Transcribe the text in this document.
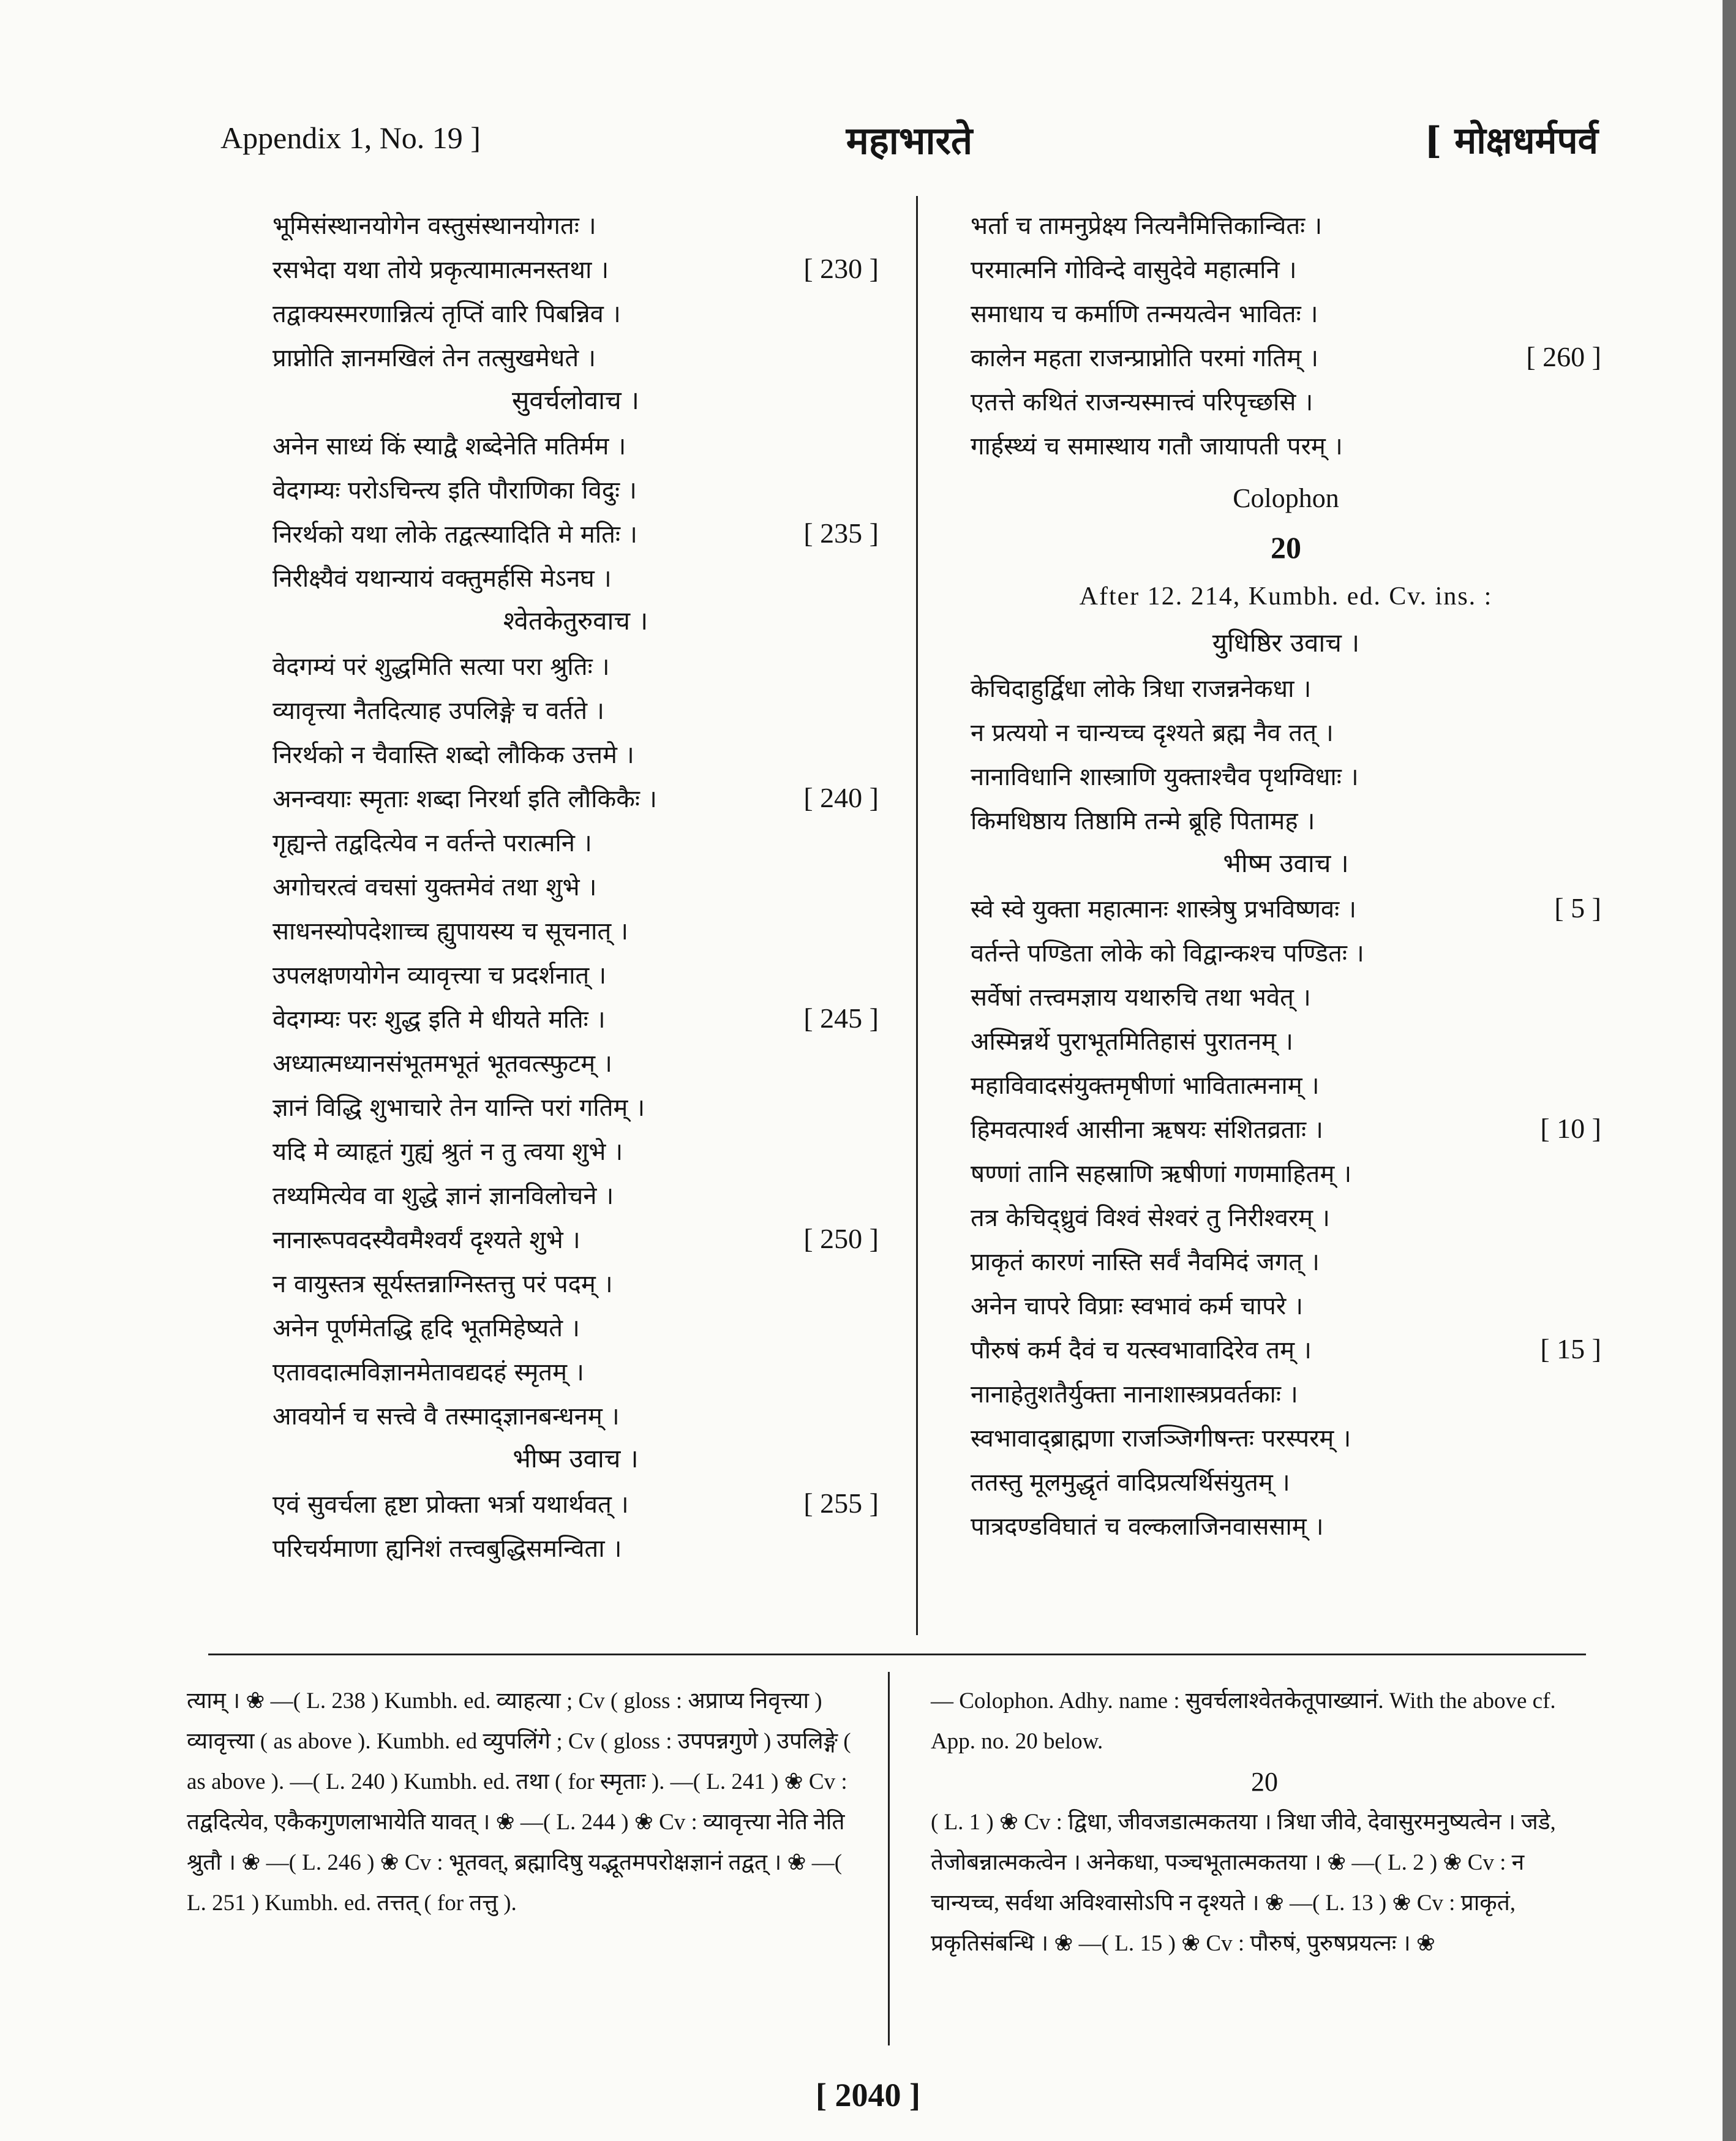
Appendix 1, No. 19 ]	महाभारते	[ मोक्षधर्मपर्व
भूमिसंस्थानयोगेन वस्तुसंस्थानयोगतः ।
रसभेदा यथा तोये प्रकृत्यामात्मनस्तथा ।	[ 230 ]
तद्वाक्यस्मरणान्नित्यं तृप्तिं वारि पिबन्निव ।
प्राप्नोति ज्ञानमखिलं तेन तत्सुखमेधते ।
सुवर्चलोवाच ।
अनेन साध्यं किं स्याद्वै शब्देनेति मतिर्मम ।
वेदगम्यः परोऽचिन्त्य इति पौराणिका विदुः ।
निरर्थको यथा लोके तद्वत्स्यादिति मे मतिः ।	[ 235 ]
निरीक्ष्यैवं यथान्यायं वक्तुमर्हसि मेऽनघ ।
श्वेतकेतुरुवाच ।
वेदगम्यं परं शुद्धमिति सत्या परा श्रुतिः ।
व्यावृत्त्या नैतदित्याह उपलिङ्गे च वर्तते ।
निरर्थको न चैवास्ति शब्दो लौकिक उत्तमे ।
अनन्वयाः स्मृताः शब्दा निरर्था इति लौकिकैः ।	[ 240 ]
गृह्यन्ते तद्वदित्येव न वर्तन्ते परात्मनि ।
अगोचरत्वं वचसां युक्तमेवं तथा शुभे ।
साधनस्योपदेशाच्च ह्युपायस्य च सूचनात् ।
उपलक्षणयोगेन व्यावृत्त्या च प्रदर्शनात् ।
वेदगम्यः परः शुद्ध इति मे धीयते मतिः ।	[ 245 ]
अध्यात्मध्यानसंभूतमभूतं भूतवत्स्फुटम् ।
ज्ञानं विद्धि शुभाचारे तेन यान्ति परां गतिम् ।
यदि मे व्याहृतं गुह्यं श्रुतं न तु त्वया शुभे ।
तथ्यमित्येव वा शुद्धे ज्ञानं ज्ञानविलोचने ।
नानारूपवदस्यैवमैश्वर्यं दृश्यते शुभे ।	[ 250 ]
न वायुस्तत्र सूर्यस्तन्नाग्निस्तत्तु परं पदम् ।
अनेन पूर्णमेतद्धि हृदि भूतमिहेष्यते ।
एतावदात्मविज्ञानमेतावद्यदहं स्मृतम् ।
आवयोर्न च सत्त्वे वै तस्माद्ज्ञानबन्धनम् ।
भीष्म उवाच ।
एवं सुवर्चला हृष्टा प्रोक्ता भर्त्रा यथार्थवत् ।	[ 255 ]
परिचर्यमाणा ह्यनिशं तत्त्वबुद्धिसमन्विता ।
भर्ता च तामनुप्रेक्ष्य नित्यनैमित्तिकान्वितः ।
परमात्मनि गोविन्दे वासुदेवे महात्मनि ।
समाधाय च कर्माणि तन्मयत्वेन भावितः ।
कालेन महता राजन्प्राप्नोति परमां गतिम् ।	[ 260 ]
एतत्ते कथितं राजन्यस्मात्त्वं परिपृच्छसि ।
गार्हस्थ्यं च समास्थाय गतौ जायापती परम् ।
Colophon
20
After 12. 214, Kumbh. ed. Cv. ins. :
युधिष्ठिर उवाच ।
केचिदाहुर्द्विधा लोके त्रिधा राजन्ननेकधा ।
न प्रत्ययो न चान्यच्च दृश्यते ब्रह्म नैव तत् ।
नानाविधानि शास्त्राणि युक्ताश्चैव पृथग्विधाः ।
किमधिष्ठाय तिष्ठामि तन्मे ब्रूहि पितामह ।
भीष्म उवाच ।
स्वे स्वे युक्ता महात्मानः शास्त्रेषु प्रभविष्णवः ।	[ 5 ]
वर्तन्ते पण्डिता लोके को विद्वान्कश्च पण्डितः ।
सर्वेषां तत्त्वमज्ञाय यथारुचि तथा भवेत् ।
अस्मिन्नर्थे पुराभूतमितिहासं पुरातनम् ।
महाविवादसंयुक्तमृषीणां भावितात्मनाम् ।
हिमवत्पार्श्व आसीना ऋषयः संशितव्रताः ।	[ 10 ]
षण्णां तानि सहस्राणि ऋषीणां गणमाहितम् ।
तत्र केचिद्ध्रुवं विश्वं सेश्वरं तु निरीश्वरम् ।
प्राकृतं कारणं नास्ति सर्वं नैवमिदं जगत् ।
अनेन चापरे विप्राः स्वभावं कर्म चापरे ।
पौरुषं कर्म दैवं च यत्स्वभावादिरेव तम् ।	[ 15 ]
नानाहेतुशतैर्युक्ता नानाशास्त्रप्रवर्तकाः ।
स्वभावाद्ब्राह्मणा राजञ्जिगीषन्तः परस्परम् ।
ततस्तु मूलमुद्धृतं वादिप्रत्यर्थिसंयुतम् ।
पात्रदण्डविघातं च वल्कलाजिनवाससाम् ।

त्याम् । ❀ —( L. 238 ) Kumbh. ed. व्याहत्या ; Cv ( gloss : अप्राप्य निवृत्त्या ) व्यावृत्त्या ( as above ). Kumbh. ed व्युपलिंगे ; Cv ( gloss : उपपन्नगुणे ) उपलिङ्गे ( as above ). —( L. 240 ) Kumbh. ed. तथा ( for स्मृताः ). —( L. 241 ) ❀ Cv : तद्वदित्येव, एकैकगुणलाभायेति यावत् । ❀ —( L. 244 ) ❀ Cv : व्यावृत्त्या नेति नेति श्रुतौ । ❀ —( L. 246 ) ❀ Cv : भूतवत्, ब्रह्मादिषु यद्भूतमपरोक्षज्ञानं तद्वत् । ❀ —( L. 251 ) Kumbh. ed. तत्तत् ( for तत्तु ).

— Colophon. Adhy. name : सुवर्चलाश्वेतकेतूपाख्यानं. With the above cf. App. no. 20 below.

20

( L. 1 ) ❀ Cv : द्विधा, जीवजडात्मकतया । त्रिधा जीवे, देवासुरमनुष्यत्वेन । जडे, तेजोबन्नात्मकत्वेन । अनेकधा, पञ्चभूतात्मकतया । ❀ —( L. 2 ) ❀ Cv : न चान्यच्च, सर्वथा अविश्वासोऽपि न दृश्यते । ❀ —( L. 13 ) ❀ Cv : प्राकृतं, प्रकृतिसंबन्धि । ❀ —( L. 15 ) ❀ Cv : पौरुषं, पुरुषप्रयत्नः । ❀

[ 2040 ]
